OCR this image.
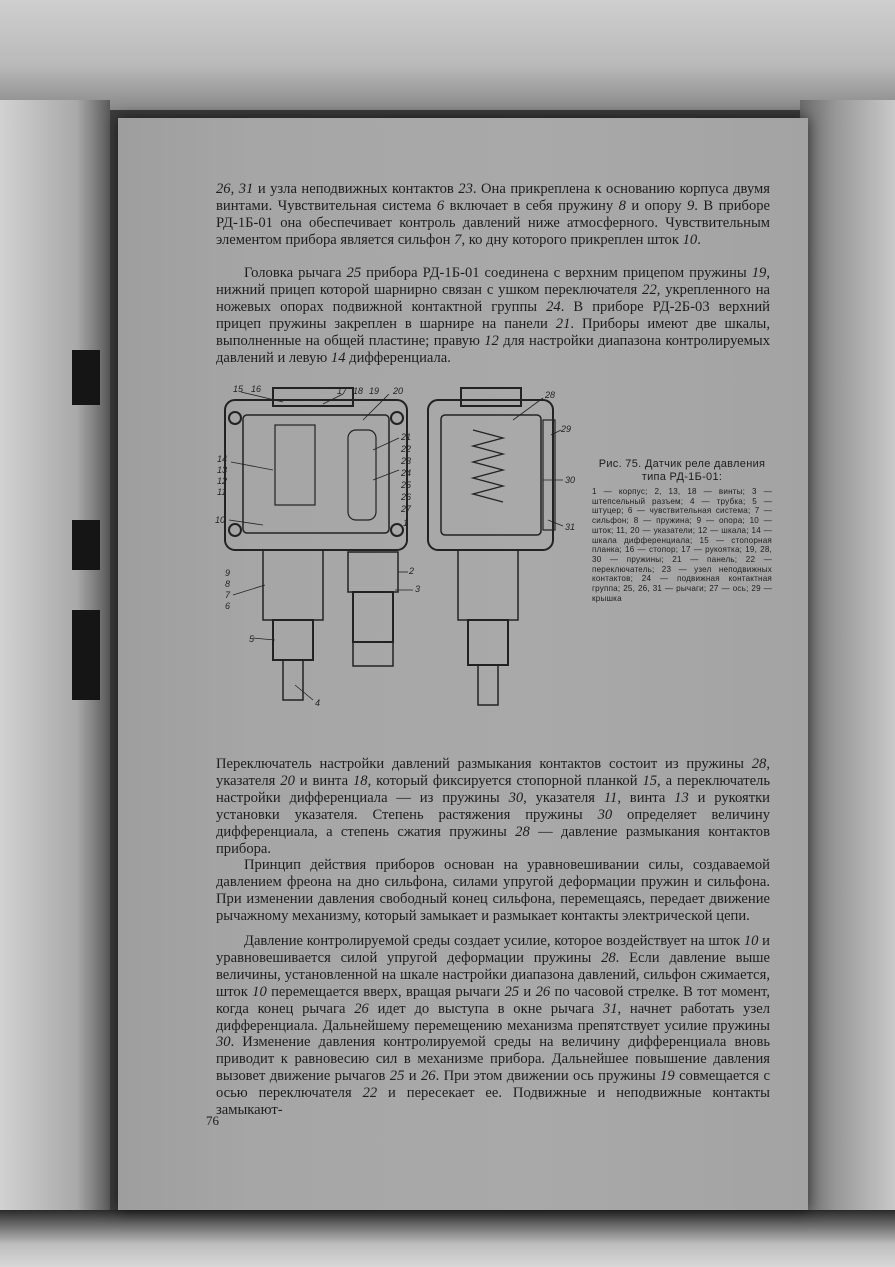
26, 31 и узла неподвижных контактов 23. Она прикреплена к основанию корпуса двумя винтами. Чувствительная система 6 включает в себя пружину 8 и опору 9. В приборе РД-1Б-01 она обеспечивает контроль давлений ниже атмосферного. Чувствительным элементом прибора является сильфон 7, ко дну которого прикреплен шток 10.

Головка рычага 25 прибора РД-1Б-01 соединена с верхним прицепом пружины 19, нижний прицеп которой шарнирно связан с ушком переключателя 22, укрепленного на ножевых опорах подвижной контактной группы 24. В приборе РД-2Б-03 верхний прицеп пружины закреплен в шарнире на панели 21. Приборы имеют две шкалы, выполненные на общей пластине; правую 12 для настройки диапазона контролируемых давлений и левую 14 дифференциала.

15 16	17 18 19 20
21
22
23
24
25
26
27
1
14
13
12
11
10
9
8
7
6
5
2
3
4
28
29
30
31
Рис. 75. Датчик реле давления типа РД-1Б-01:
1 — корпус; 2, 13, 18 — винты; 3 — штепсельный разъем; 4 — трубка; 5 — штуцер; 6 — чувствительная система; 7 — сильфон; 8 — пружина; 9 — опора; 10 — шток; 11, 20 — указатели; 12 — шкала; 14 — шкала дифференциала; 15 — стопорная планка; 16 — стопор; 17 — рукоятка; 19, 28, 30 — пружины; 21 — панель; 22 — переключатель; 23 — узел неподвижных контактов; 24 — подвижная контактная группа; 25, 26, 31 — рычаги; 27 — ось; 29 — крышка

Переключатель настройки давлений размыкания контактов состоит из пружины 28, указателя 20 и винта 18, который фиксируется стопорной планкой 15, а переключатель настройки дифференциала — из пружины 30, указателя 11, винта 13 и рукоятки установки указателя. Степень растяжения пружины 30 определяет величину дифференциала, а степень сжатия пружины 28 — давление размыкания контактов прибора.

Принцип действия приборов основан на уравновешивании силы, создаваемой давлением фреона на дно сильфона, силами упругой деформации пружин и сильфона. При изменении давления свободный конец сильфона, перемещаясь, передает движение рычажному механизму, который замыкает и размыкает контакты электрической цепи.

Давление контролируемой среды создает усилие, которое воздействует на шток 10 и уравновешивается силой упругой деформации пружины 28. Если давление выше величины, установленной на шкале настройки диапазона давлений, сильфон сжимается, шток 10 перемещается вверх, вращая рычаги 25 и 26 по часовой стрелке. В тот момент, когда конец рычага 26 идет до выступа в окне рычага 31, начнет работать узел дифференциала. Дальнейшему перемещению механизма препятствует усилие пружины 30. Изменение давления контролируемой среды на величину дифференциала вновь приводит к равновесию сил в механизме прибора. Дальнейшее повышение давления вызовет движение рычагов 25 и 26. При этом движении ось пружины 19 совмещается с осью переключателя 22 и пересекает ее. Подвижные и неподвижные контакты замыкают-

76
